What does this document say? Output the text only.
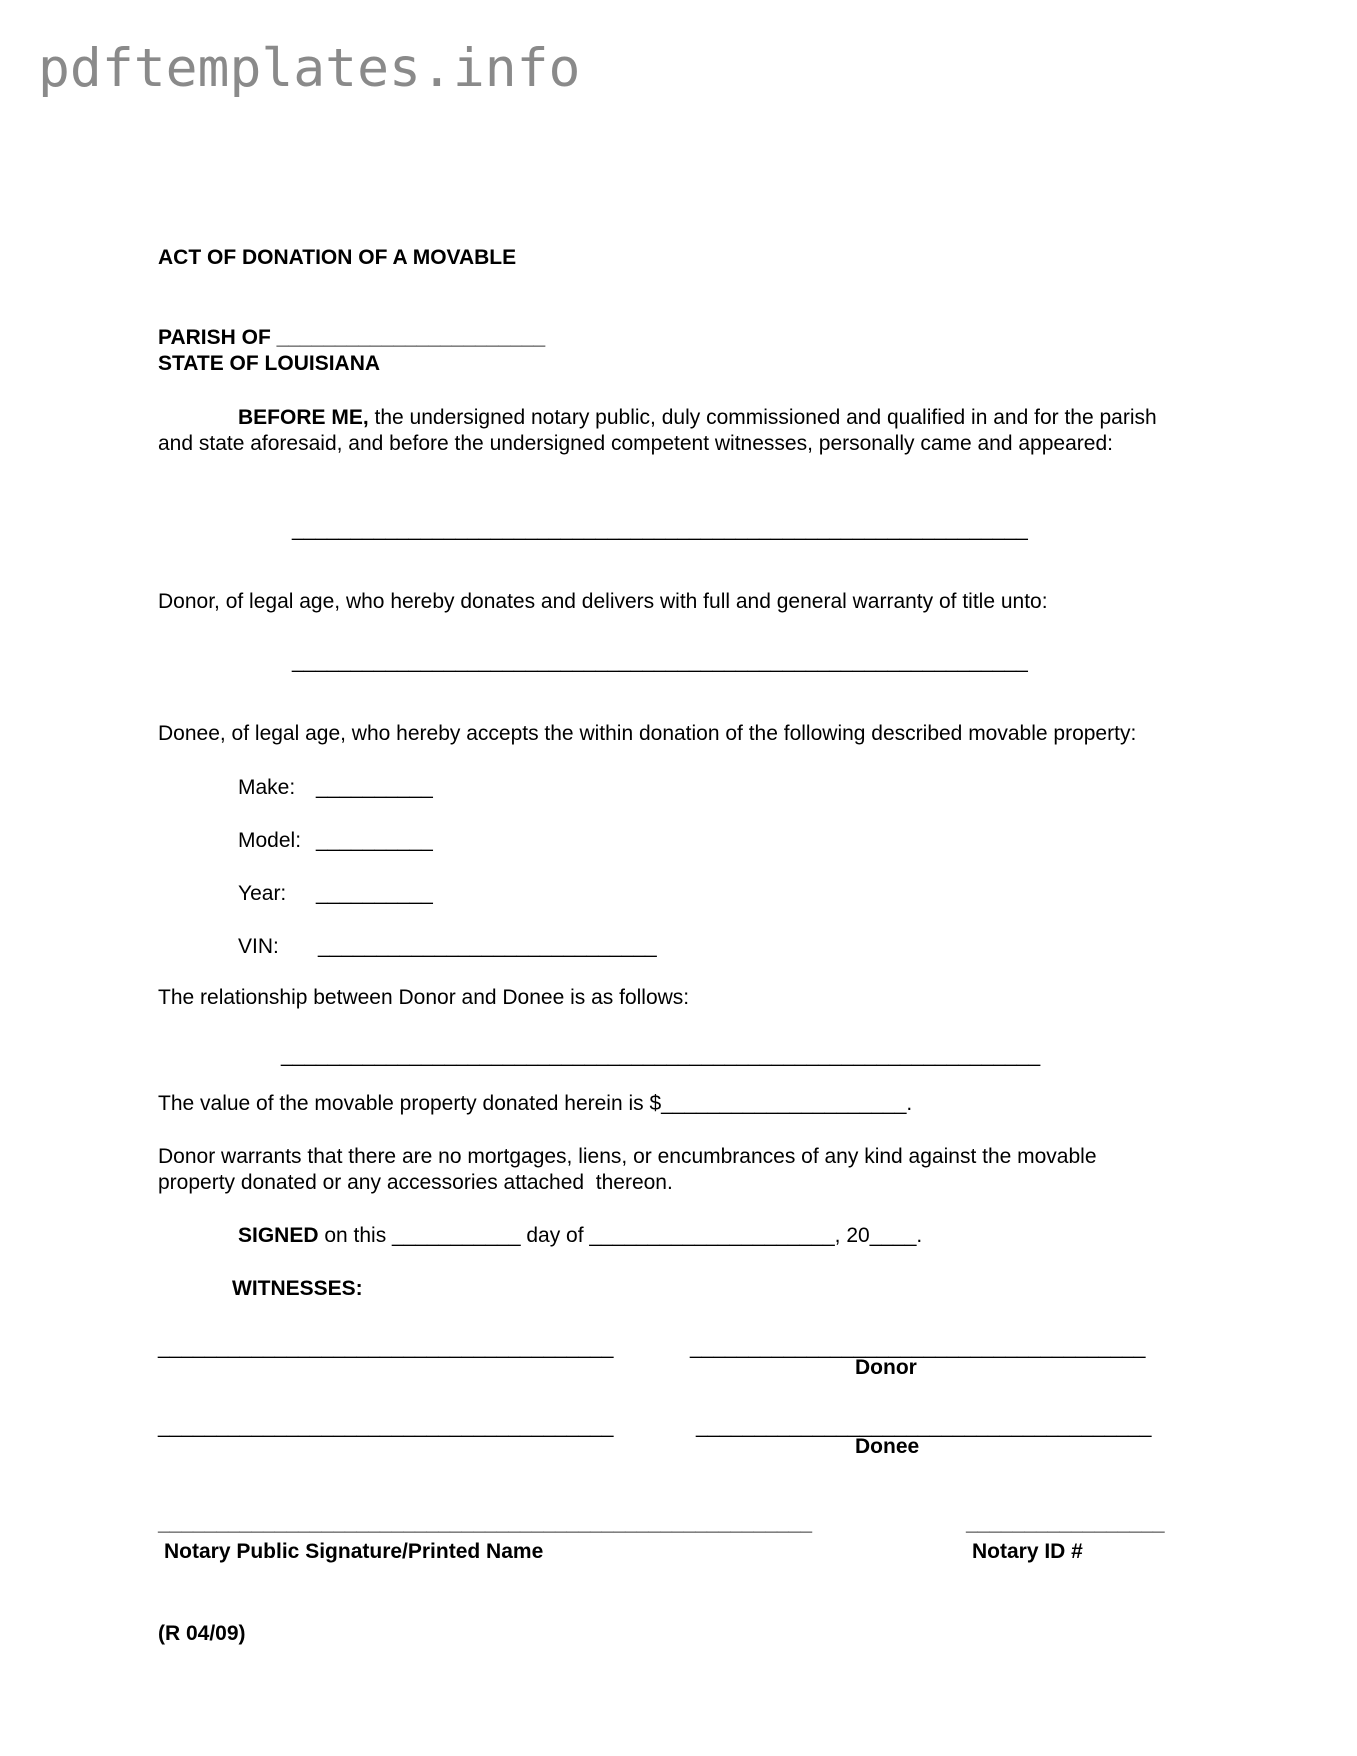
pdftemplates.info
ACT OF DONATION OF A MOVABLE
PARISH OF _______________________
STATE OF LOUISIANA
BEFORE ME, the undersigned notary public, duly commissioned and qualified in and for the parish and state aforesaid, and before the undersigned competent witnesses, personally came and appeared:
_______________________________________________________________
Donor, of legal age, who hereby donates and delivers with full and general warranty of title unto:
_______________________________________________________________
Donee, of legal age, who hereby accepts the within donation of the following described movable property:
Make: __________
Model: __________
Year: __________
VIN: _____________________________
The relationship between Donor and Donee is as follows:
_________________________________________________________________
The value of the movable property donated herein is $_____________________.
Donor warrants that there are no mortgages, liens, or encumbrances of any kind against the movable
property donated or any accessories attached  thereon.
SIGNED on this ___________ day of _____________________, 20____.
WITNESSES:
_______________________________________	_______________________________________
Donor
_______________________________________	_______________________________________
Donee
________________________________________________________	_________________
Notary Public Signature/Printed Name	Notary ID #
(R 04/09)
